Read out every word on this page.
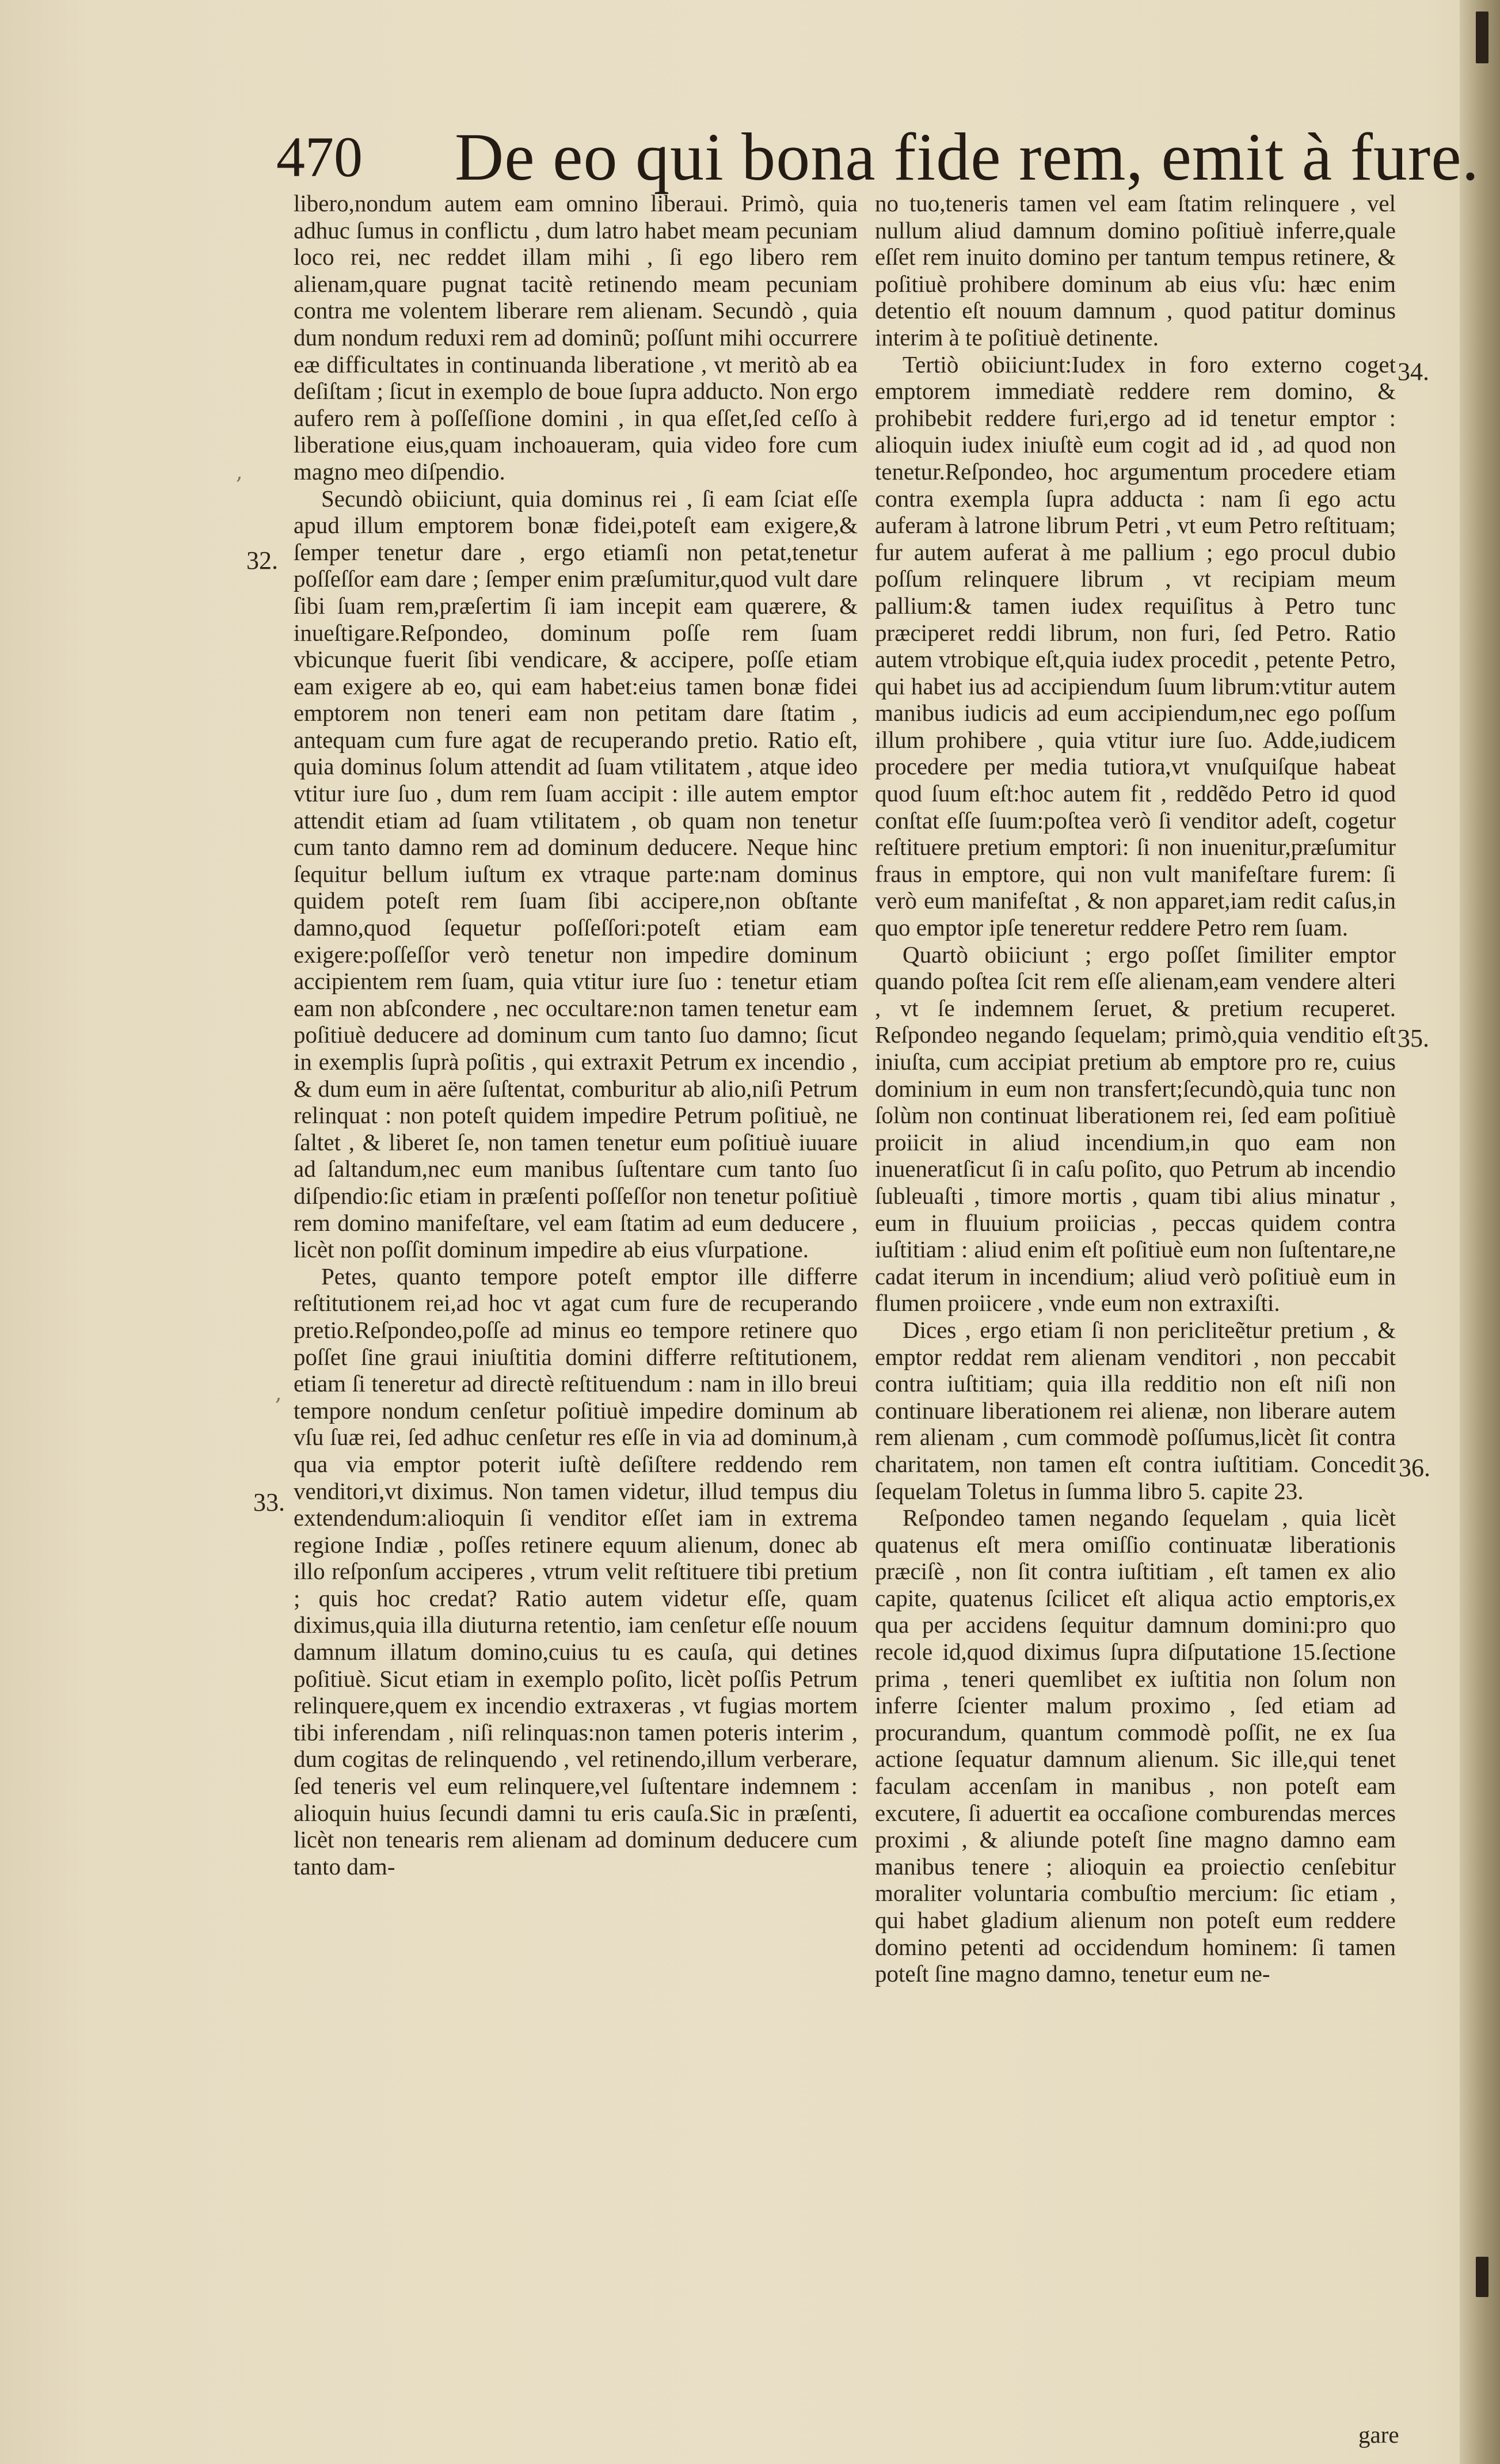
470 De eo qui bona fide rem, emit à fure.
32.
33.
34.
35.
36.
,
,

libero,nondum autem eam omnino liberaui. Primò, quia adhuc ſumus in conflictu , dum latro habet meam pecuniam loco rei, nec reddet illam mihi , ſi ego libero rem alienam,quare pugnat tacitè retinendo meam pecuniam contra me volentem liberare rem alienam. Secundò , quia dum nondum reduxi rem ad dominũ; poſſunt mihi occurrere eæ difficultates in continuanda liberatione , vt meritò ab ea deſiſtam ; ſicut in exemplo de boue ſupra adducto. Non ergo aufero rem à poſſeſſione domini , in qua eſſet,ſed ceſſo à liberatione eius,quam inchoaueram, quia video fore cum magno meo diſpendio.

Secundò obiiciunt, quia dominus rei , ſi eam ſciat eſſe apud illum emptorem bonæ fidei,poteſt eam exigere,& ſemper tenetur dare , ergo etiamſi non petat,tenetur poſſeſſor eam dare ; ſemper enim præſumitur,quod vult dare ſibi ſuam rem,præſertim ſi iam incepit eam quærere, & inueſtigare.Reſpondeo, dominum poſſe rem ſuam vbicunque fuerit ſibi vendicare, & accipere, poſſe etiam eam exigere ab eo, qui eam habet:eius tamen bonæ fidei emptorem non teneri eam non petitam dare ſtatim , antequam cum fure agat de recuperando pretio. Ratio eſt, quia dominus ſolum attendit ad ſuam vtilitatem , atque ideo vtitur iure ſuo , dum rem ſuam accipit : ille autem emptor attendit etiam ad ſuam vtilitatem , ob quam non tenetur cum tanto damno rem ad dominum deducere. Neque hinc ſequitur bellum iuſtum ex vtraque parte:nam dominus quidem poteſt rem ſuam ſibi accipere,non obſtante damno,quod ſequetur poſſeſſori:poteſt etiam eam exigere:poſſeſſor verò tenetur non impedire dominum accipientem rem ſuam, quia vtitur iure ſuo : tenetur etiam eam non abſcondere , nec occultare:non tamen tenetur eam poſitiuè deducere ad dominum cum tanto ſuo damno; ſicut in exemplis ſuprà poſitis , qui extraxit Petrum ex incendio , & dum eum in aëre ſuſtentat, comburitur ab alio,niſi Petrum relinquat : non poteſt quidem impedire Petrum poſitiuè, ne ſaltet , & liberet ſe, non tamen tenetur eum poſitiuè iuuare ad ſaltandum,nec eum manibus ſuſtentare cum tanto ſuo diſpendio:ſic etiam in præſenti poſſeſſor non tenetur poſitiuè rem domino manifeſtare, vel eam ſtatim ad eum deducere , licèt non poſſit dominum impedire ab eius vſurpatione.

Petes, quanto tempore poteſt emptor ille differre reſtitutionem rei,ad hoc vt agat cum fure de recuperando pretio.Reſpondeo,poſſe ad minus eo tempore retinere quo poſſet ſine graui iniuſtitia domini differre reſtitutionem, etiam ſi teneretur ad directè reſtituendum : nam in illo breui tempore nondum cenſetur poſitiuè impedire dominum ab vſu ſuæ rei, ſed adhuc cenſetur res eſſe in via ad dominum,à qua via emptor poterit iuſtè deſiſtere reddendo rem venditori,vt diximus. Non tamen videtur, illud tempus diu extendendum:alioquin ſi venditor eſſet iam in extrema regione Indiæ , poſſes retinere equum alienum, donec ab illo reſponſum acciperes , vtrum velit reſtituere tibi pretium ; quis hoc credat? Ratio autem videtur eſſe, quam diximus,quia illa diuturna retentio, iam cenſetur eſſe nouum damnum illatum domino,cuius tu es cauſa, qui detines poſitiuè. Sicut etiam in exemplo poſito, licèt poſſis Petrum relinquere,quem ex incendio extraxeras , vt fugias mortem tibi inferendam , niſi relinquas:non tamen poteris interim , dum cogitas de relinquendo , vel retinendo,illum verberare, ſed teneris vel eum relinquere,vel ſuſtentare indemnem : alioquin huius ſecundi damni tu eris cauſa.Sic in præſenti, licèt non tenearis rem alienam ad dominum deducere cum tanto dam-

no tuo,teneris tamen vel eam ſtatim relinquere , vel nullum aliud damnum domino poſitiuè inferre,quale eſſet rem inuito domino per tantum tempus retinere, & poſitiuè prohibere dominum ab eius vſu: hæc enim detentio eſt nouum damnum , quod patitur dominus interim à te poſitiuè detinente.

Tertiò obiiciunt:Iudex in foro externo coget emptorem immediatè reddere rem domino, & prohibebit reddere furi,ergo ad id tenetur emptor : alioquin iudex iniuſtè eum cogit ad id , ad quod non tenetur.Reſpondeo, hoc argumentum procedere etiam contra exempla ſupra adducta : nam ſi ego actu auferam à latrone librum Petri , vt eum Petro reſtituam; fur autem auferat à me pallium ; ego procul dubio poſſum relinquere librum , vt recipiam meum pallium:& tamen iudex requiſitus à Petro tunc præciperet reddi librum, non furi, ſed Petro. Ratio autem vtrobique eſt,quia iudex procedit , petente Petro, qui habet ius ad accipiendum ſuum librum:vtitur autem manibus iudicis ad eum accipiendum,nec ego poſſum illum prohibere , quia vtitur iure ſuo. Adde,iudicem procedere per media tutiora,vt vnuſquiſque habeat quod ſuum eſt:hoc autem fit , reddẽdo Petro id quod conſtat eſſe ſuum:poſtea verò ſi venditor adeſt, cogetur reſtituere pretium emptori: ſi non inuenitur,præſumitur fraus in emptore, qui non vult manifeſtare furem: ſi verò eum manifeſtat , & non apparet,iam redit caſus,in quo emptor ipſe teneretur reddere Petro rem ſuam.

Quartò obiiciunt ; ergo poſſet ſimiliter emptor quando poſtea ſcit rem eſſe alienam,eam vendere alteri , vt ſe indemnem ſeruet, & pretium recuperet. Reſpondeo negando ſequelam; primò,quia venditio eſt iniuſta, cum accipiat pretium ab emptore pro re, cuius dominium in eum non transfert;ſecundò,quia tunc non ſolùm non continuat liberationem rei, ſed eam poſitiuè proiicit in aliud incendium,in quo eam non inueneratſicut ſi in caſu poſito, quo Petrum ab incendio ſubleuaſti , timore mortis , quam tibi alius minatur , eum in fluuium proiicias , peccas quidem contra iuſtitiam : aliud enim eſt poſitiuè eum non ſuſtentare,ne cadat iterum in incendium; aliud verò poſitiuè eum in flumen proiicere , vnde eum non extraxiſti.

Dices , ergo etiam ſi non pericliteẽtur pretium , & emptor reddat rem alienam venditori , non peccabit contra iuſtitiam; quia illa redditio non eſt niſi non continuare liberationem rei alienæ, non liberare autem rem alienam , cum commodè poſſumus,licèt ſit contra charitatem, non tamen eſt contra iuſtitiam. Concedit ſequelam Toletus in ſumma libro 5. capite 23.

Reſpondeo tamen negando ſequelam , quia licèt quatenus eſt mera omiſſio continuatæ liberationis præciſè , non ſit contra iuſtitiam , eſt tamen ex alio capite, quatenus ſcilicet eſt aliqua actio emptoris,ex qua per accidens ſequitur damnum domini:pro quo recole id,quod diximus ſupra diſputatione 15.ſectione prima , teneri quemlibet ex iuſtitia non ſolum non inferre ſcienter malum proximo , ſed etiam ad procurandum, quantum commodè poſſit, ne ex ſua actione ſequatur damnum alienum. Sic ille,qui tenet faculam accenſam in manibus , non poteſt eam excutere, ſi aduertit ea occaſione comburendas merces proximi , & aliunde poteſt ſine magno damno eam manibus tenere ; alioquin ea proiectio cenſebitur moraliter voluntaria combuſtio mercium: ſic etiam , qui habet gladium alienum non poteſt eum reddere domino petenti ad occidendum hominem: ſi tamen poteſt ſine magno damno, tenetur eum ne-

gare
